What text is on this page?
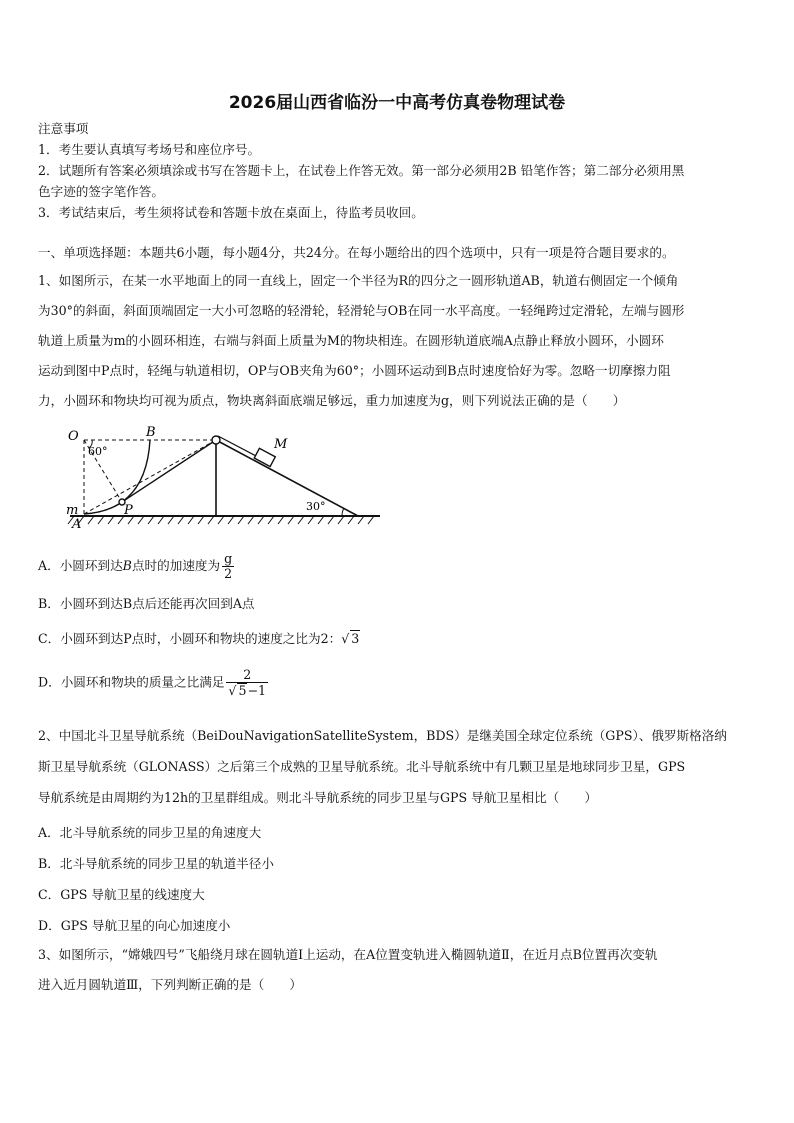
2026届山西省临汾一中高考仿真卷物理试卷
注意事项
1．考生要认真填写考场号和座位序号。
2．试题所有答案必须填涂或书写在答题卡上，在试卷上作答无效。第一部分必须用2B 铅笔作答；第二部分必须用黑
色字迹的签字笔作答。
3．考试结束后，考生须将试卷和答题卡放在桌面上，待监考员收回。
一、单项选择题：本题共6小题，每小题4分，共24分。在每小题给出的四个选项中，只有一项是符合题目要求的。
1、如图所示，在某一水平地面上的同一直线上，固定一个半径为R的四分之一圆形轨道AB，轨道右侧固定一个倾角
为30°的斜面，斜面顶端固定一大小可忽略的轻滑轮，轻滑轮与OB在同一水平高度。一轻绳跨过定滑轮，左端与圆形
轨道上质量为m的小圆环相连，右端与斜面上质量为M的物块相连。在圆形轨道底端A点静止释放小圆环，小圆环
运动到图中P点时，轻绳与轨道相切，OP与OB夹角为60°；小圆环运动到B点时速度恰好为零。忽略一切摩擦力阻
力，小圆环和物块均可视为质点，物块离斜面底端足够远，重力加速度为g，则下列说法正确的是（　　）
O
60°
B
M
m
A
P	30°
A．小圆环到达B点时的加速度为 $\frac{g}{2}$
B．小圆环到达B点后还能再次回到A点
C．小圆环到达P点时，小圆环和物块的速度之比为2：√ 3
D．小圆环和物块的质量之比满足 $\frac{2}{√ 5-1}$
2、中国北斗卫星导航系统（BeiDouNavigationSatelliteSystem，BDS）是继美国全球定位系统（GPS）、俄罗斯格洛纳
斯卫星导航系统（GLONASS）之后第三个成熟的卫星导航系统。北斗导航系统中有几颗卫星是地球同步卫星，GPS
导航系统是由周期约为12h的卫星群组成。则北斗导航系统的同步卫星与GPS 导航卫星相比（　　）
A．北斗导航系统的同步卫星的角速度大
B．北斗导航系统的同步卫星的轨道半径小
C．GPS 导航卫星的线速度大
D．GPS 导航卫星的向心加速度小
3、如图所示，“嫦娥四号”飞船绕月球在圆轨道Ⅰ上运动，在A位置变轨进入椭圆轨道Ⅱ，在近月点B位置再次变轨
进入近月圆轨道Ⅲ，下列判断正确的是（　　）
